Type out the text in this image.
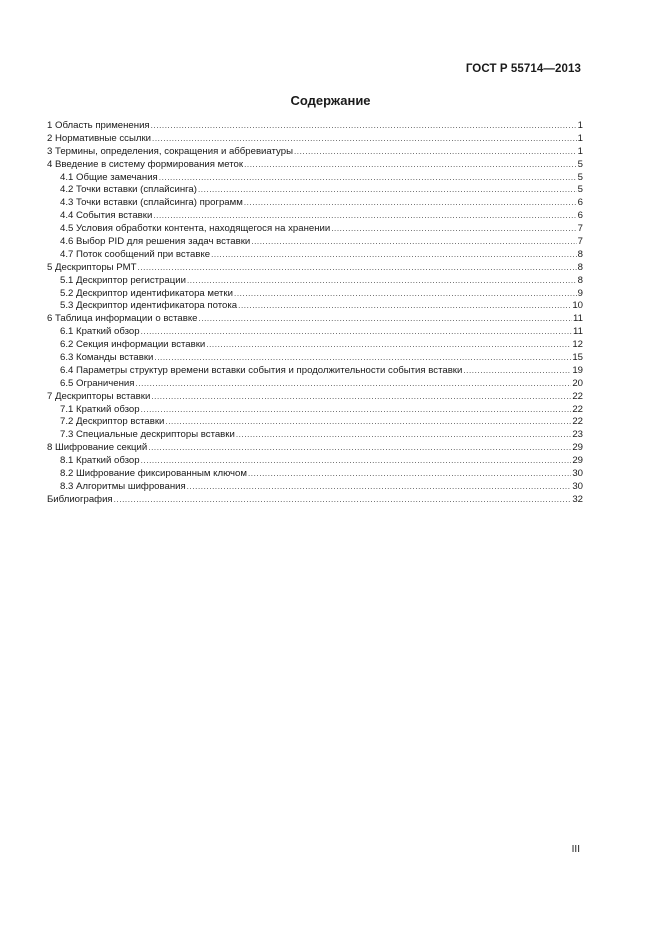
ГОСТ Р 55714—2013
Содержание
1 Область применения .....	1
2 Нормативные ссылки .....	1
3 Термины, определения, сокращения и аббревиатуры .....	1
4 Введение в систему формирования меток .....	5
4.1 Общие замечания .....	5
4.2 Точки вставки (сплайсинга) .....	5
4.3 Точки вставки (сплайсинга) программ .....	6
4.4 События вставки .....	6
4.5 Условия обработки контента, находящегося на хранении .....	7
4.6 Выбор PID для решения задач вставки .....	7
4.7 Поток сообщений при вставке .....	8
5 Дескрипторы PMT .....	8
5.1 Дескриптор регистрации .....	8
5.2 Дескриптор идентификатора метки .....	9
5.3 Дескриптор идентификатора потока .....	10
6 Таблица информации о вставке .....	11
6.1 Краткий обзор .....	11
6.2 Секция информации вставки .....	12
6.3 Команды вставки .....	15
6.4 Параметры структур времени вставки события и продолжительности события вставки .....	19
6.5 Ограничения .....	20
7 Дескрипторы вставки .....	22
7.1 Краткий обзор .....	22
7.2 Дескриптор вставки .....	22
7.3 Специальные дескрипторы вставки .....	23
8 Шифрование секций .....	29
8.1 Краткий обзор .....	29
8.2 Шифрование фиксированным ключом .....	30
8.3 Алгоритмы шифрования .....	30
Библиография .....	32
III
